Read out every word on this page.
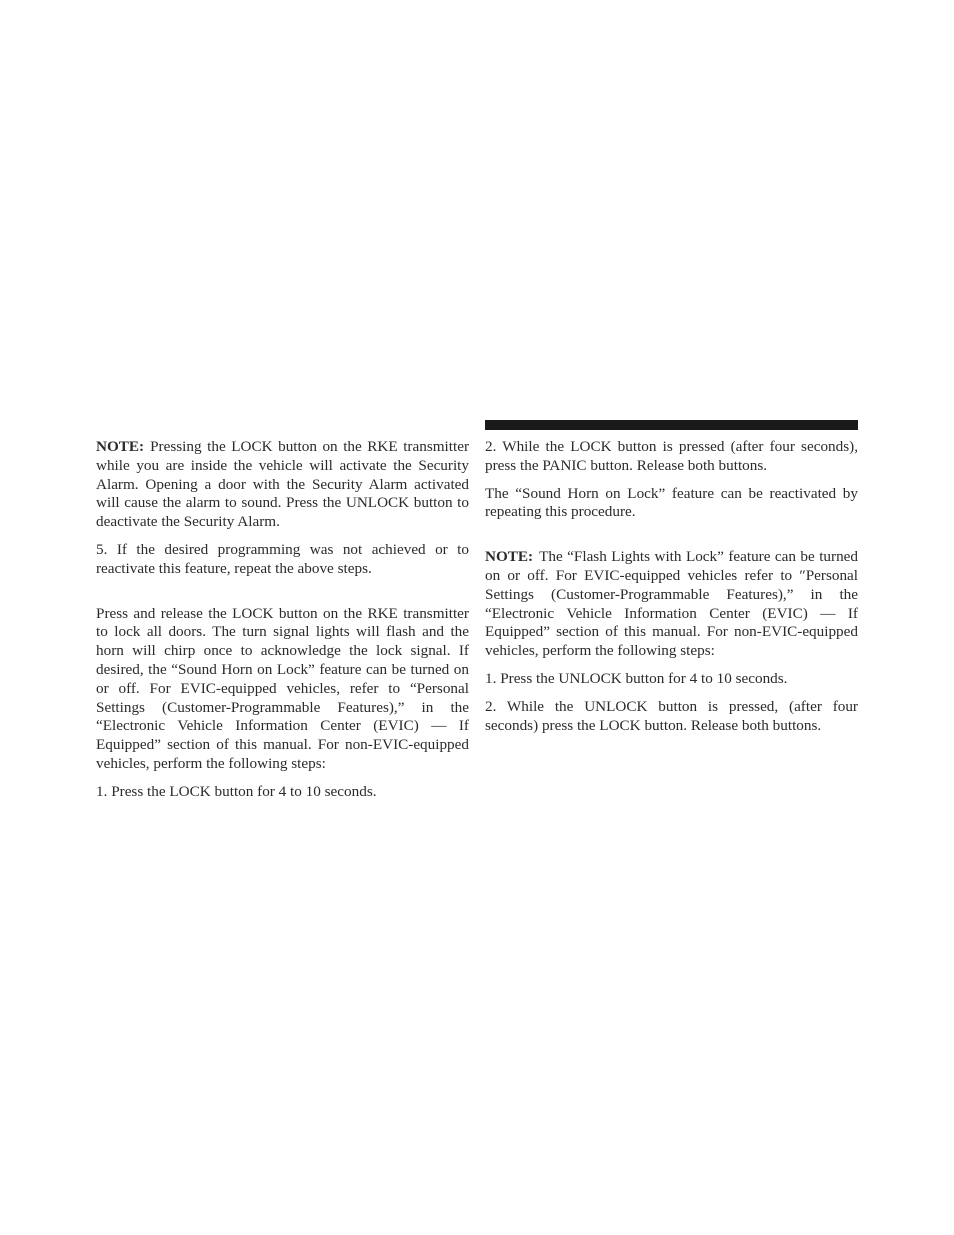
NOTE: Pressing the LOCK button on the RKE transmitter while you are inside the vehicle will activate the Security Alarm. Opening a door with the Security Alarm activated will cause the alarm to sound. Press the UNLOCK button to deactivate the Security Alarm.

5. If the desired programming was not achieved or to reactivate this feature, repeat the above steps.

Press and release the LOCK button on the RKE transmitter to lock all doors. The turn signal lights will flash and the horn will chirp once to acknowledge the lock signal. If desired, the “Sound Horn on Lock” feature can be turned on or off. For EVIC-equipped vehicles, refer to “Personal Settings (Customer-Programmable Features),” in the “Electronic Vehicle Information Center (EVIC) — If Equipped” section of this manual. For non-EVIC-equipped vehicles, perform the following steps:

1. Press the LOCK button for 4 to 10 seconds.

2. While the LOCK button is pressed (after four seconds), press the PANIC button. Release both buttons.

The “Sound Horn on Lock” feature can be reactivated by repeating this procedure.

NOTE: The “Flash Lights with Lock” feature can be turned on or off. For EVIC-equipped vehicles refer to ″Personal Settings (Customer-Programmable Features),” in the “Electronic Vehicle Information Center (EVIC) — If Equipped” section of this manual. For non-EVIC-equipped vehicles, perform the following steps:

1. Press the UNLOCK button for 4 to 10 seconds.

2. While the UNLOCK button is pressed, (after four seconds) press the LOCK button. Release both buttons.
